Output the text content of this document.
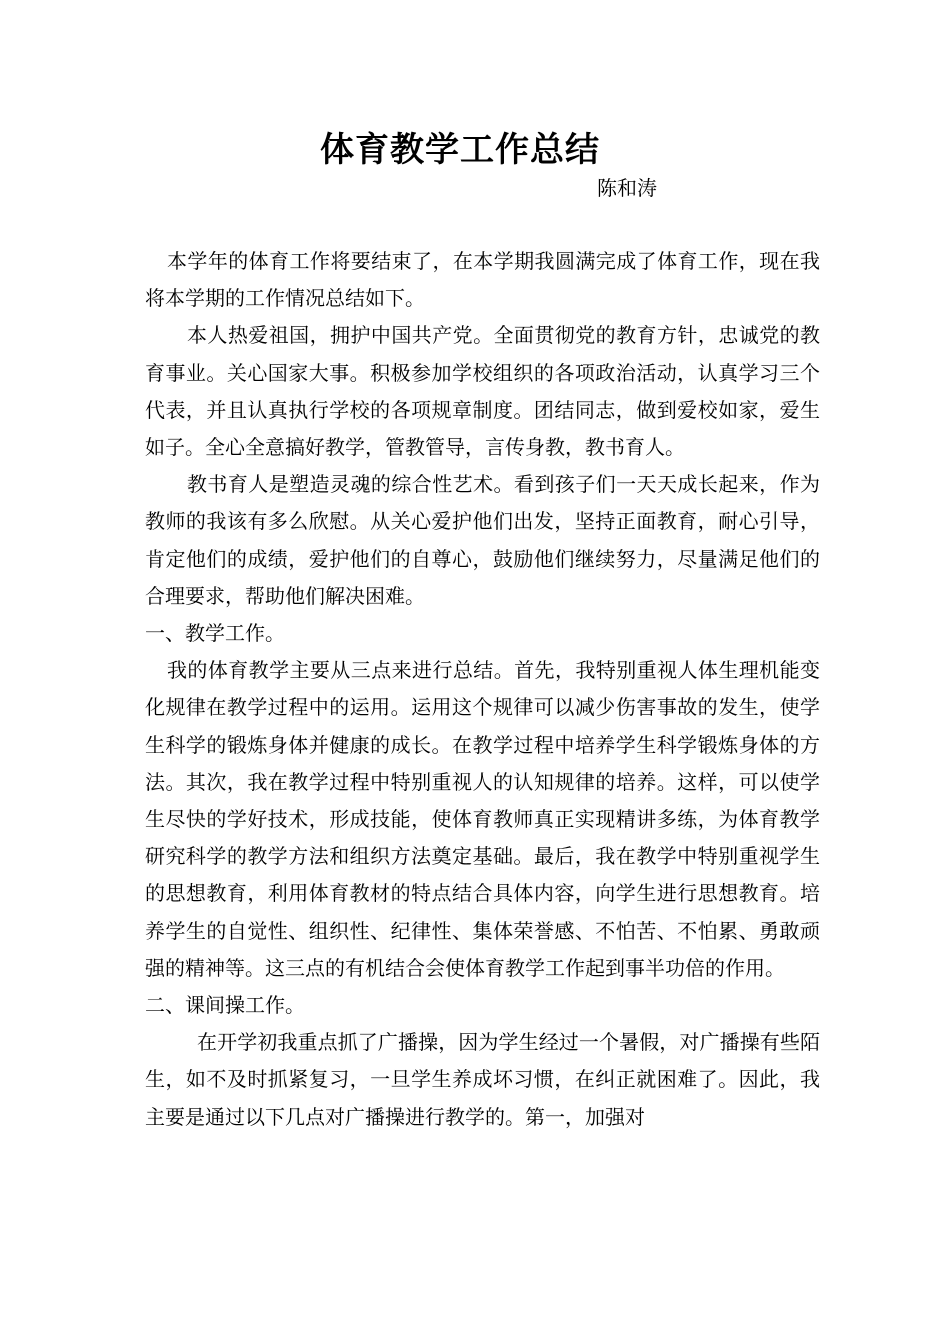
体育教学工作总结
陈和涛

本学年的体育工作将要结束了，在本学期我圆满完成了体育工作，现在我将本学期的工作情况总结如下。

本人热爱祖国，拥护中国共产党。全面贯彻党的教育方针，忠诚党的教育事业。关心国家大事。积极参加学校组织的各项政治活动，认真学习三个代表，并且认真执行学校的各项规章制度。团结同志，做到爱校如家，爱生如子。全心全意搞好教学，管教管导，言传身教，教书育人。

教书育人是塑造灵魂的综合性艺术。看到孩子们一天天成长起来，作为教师的我该有多么欣慰。从关心爱护他们出发，坚持正面教育，耐心引导，肯定他们的成绩，爱护他们的自尊心，鼓励他们继续努力，尽量满足他们的合理要求，帮助他们解决困难。

一、教学工作。

我的体育教学主要从三点来进行总结。首先，我特别重视人体生理机能变化规律在教学过程中的运用。运用这个规律可以减少伤害事故的发生，使学生科学的锻炼身体并健康的成长。在教学过程中培养学生科学锻炼身体的方法。其次，我在教学过程中特别重视人的认知规律的培养。这样，可以使学生尽快的学好技术，形成技能，使体育教师真正实现精讲多练，为体育教学研究科学的教学方法和组织方法奠定基础。最后，我在教学中特别重视学生的思想教育，利用体育教材的特点结合具体内容，向学生进行思想教育。培养学生的自觉性、组织性、纪律性、集体荣誉感、不怕苦、不怕累、勇敢顽强的精神等。这三点的有机结合会使体育教学工作起到事半功倍的作用。

二、课间操工作。

在开学初我重点抓了广播操，因为学生经过一个暑假，对广播操有些陌生，如不及时抓紧复习，一旦学生养成坏习惯，在纠正就困难了。因此，我主要是通过以下几点对广播操进行教学的。第一，加强对
